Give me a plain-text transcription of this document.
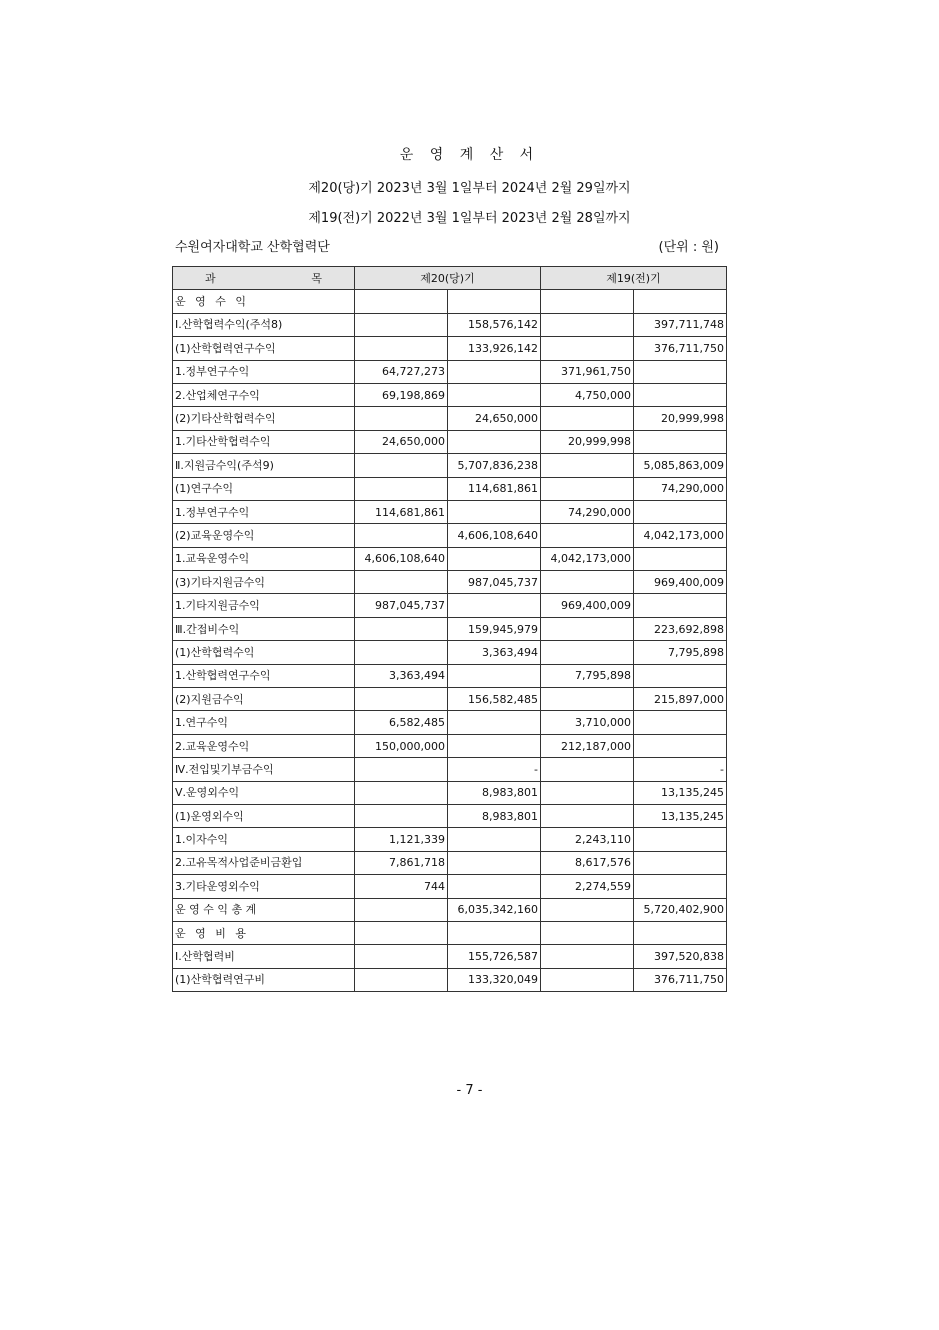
운 영 계 산 서
제20(당)기 2023년 3월 1일부터 2024년 2월 29일까지
제19(전)기 2022년 3월 1일부터 2023년 2월 28일까지
수원여자대학교 산학협력단	(단위 : 원)
과 목	제20(당)기		제19(전)기	
운 영 수 익				
Ⅰ.산학협력수익(주석8)		158,576,142		397,711,748
(1)산학협력연구수익		133,926,142		376,711,750
1.정부연구수익	64,727,273		371,961,750	
2.산업체연구수익	69,198,869		4,750,000	
(2)기타산학협력수익		24,650,000		20,999,998
1.기타산학협력수익	24,650,000		20,999,998	
Ⅱ.지원금수익(주석9)		5,707,836,238		5,085,863,009
(1)연구수익		114,681,861		74,290,000
1.정부연구수익	114,681,861		74,290,000	
(2)교육운영수익		4,606,108,640		4,042,173,000
1.교육운영수익	4,606,108,640		4,042,173,000	
(3)기타지원금수익		987,045,737		969,400,009
1.기타지원금수익	987,045,737		969,400,009	
Ⅲ.간접비수익		159,945,979		223,692,898
(1)산학협력수익		3,363,494		7,795,898
1.산학협력연구수익	3,363,494		7,795,898	
(2)지원금수익		156,582,485		215,897,000
1.연구수익	6,582,485		3,710,000	
2.교육운영수익	150,000,000		212,187,000	
Ⅳ.전입및기부금수익		-		-
Ⅴ.운영외수익		8,983,801		13,135,245
(1)운영외수익		8,983,801		13,135,245
1.이자수익	1,121,339		2,243,110	
2.고유목적사업준비금환입	7,861,718		8,617,576	
3.기타운영외수익	744		2,274,559	
운 영 수 익 총 계		6,035,342,160		5,720,402,900
운 영 비 용				
Ⅰ.산학협력비		155,726,587		397,520,838
(1)산학협력연구비		133,320,049		376,711,750
- 7 -
